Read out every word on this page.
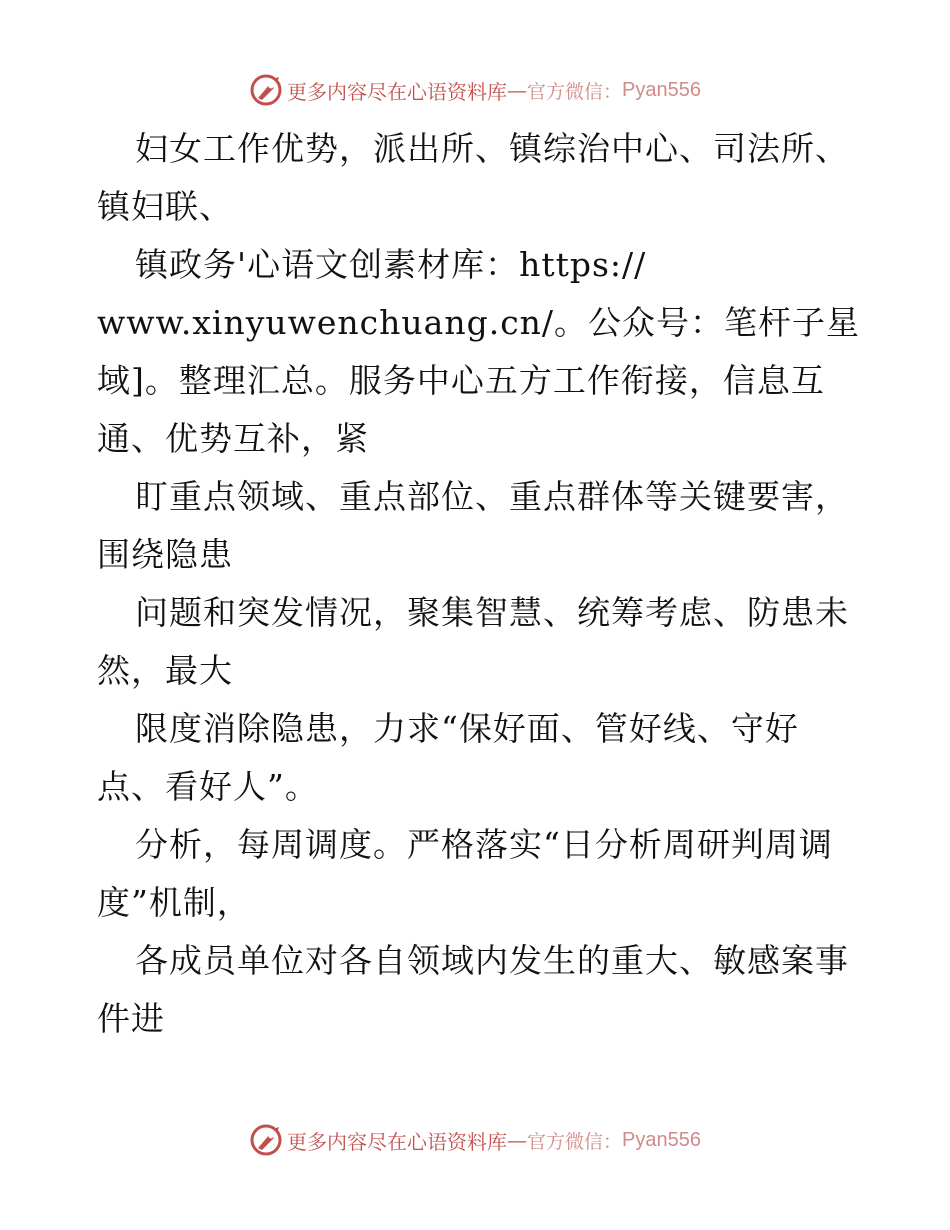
更多内容尽在心语资料库 — 官方微信： Pyan556
妇女工作优势，派出所、镇综治中心、司法所、
镇妇联、
镇政务'心语文创素材库：https://
www.xinyuwenchuang.cn/。公众号：笔杆子星
域]。整理汇总。服务中心五方工作衔接，信息互
通、优势互补，紧
盯重点领域、重点部位、重点群体等关键要害，
围绕隐患
问题和突发情况，聚集智慧、统筹考虑、防患未
然，最大
限度消除隐患，力求“保好面、管好线、守好
点、看好人”。
分析，每周调度。严格落实“日分析周研判周调
度”机制，
各成员单位对各自领域内发生的重大、敏感案事
件进
更多内容尽在心语资料库 — 官方微信： Pyan556
